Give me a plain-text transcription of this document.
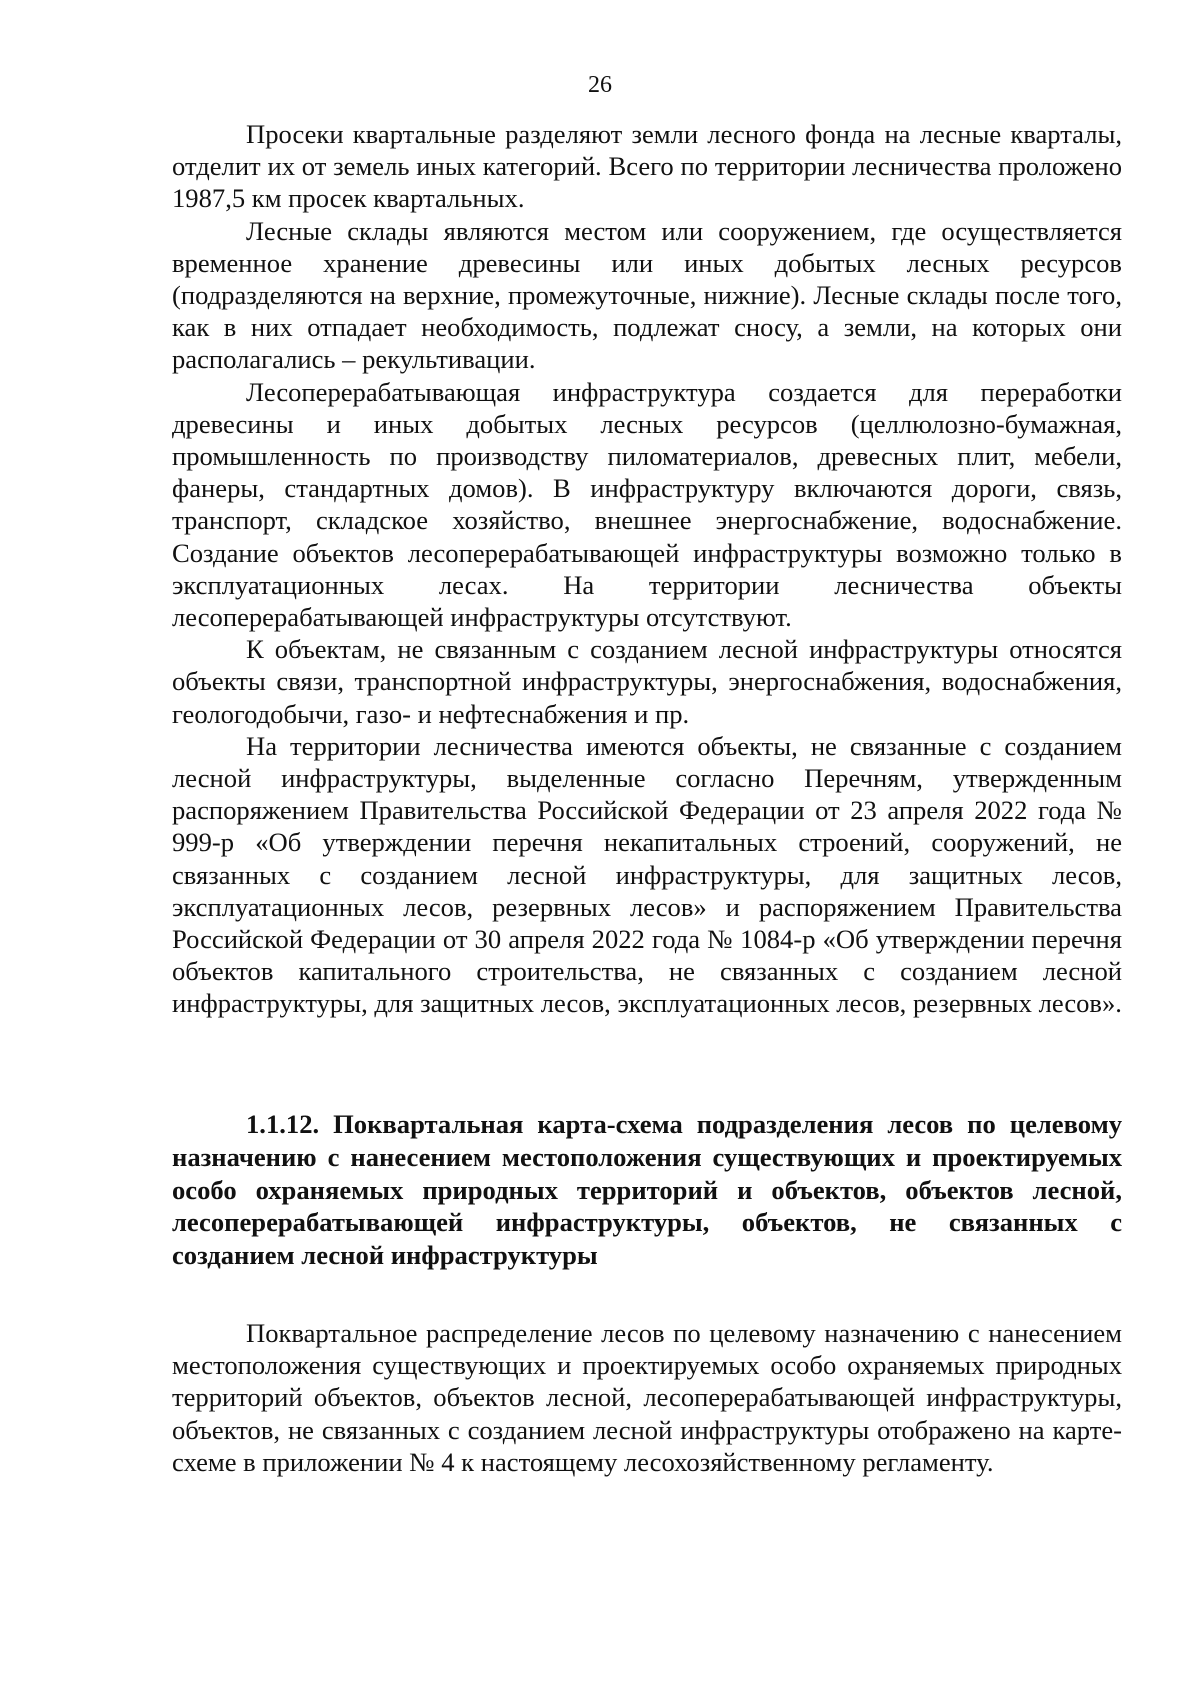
26

Просеки квартальные разделяют земли лесного фонда на лесные кварталы, отделит их от земель иных категорий. Всего по территории лесничества проложено 1987,5 км просек квартальных.

Лесные склады являются местом или сооружением, где осуществляется временное хранение древесины или иных добытых лесных ресурсов (подразделяются на верхние, промежуточные, нижние). Лесные склады после того, как в них отпадает необходимость, подлежат сносу, а земли, на которых они располагались – рекультивации.

Лесоперерабатывающая инфраструктура создается для переработки древесины и иных добытых лесных ресурсов (целлюлозно-бумажная, промышленность по производству пиломатериалов, древесных плит, мебели, фанеры, стандартных домов). В инфраструктуру включаются дороги, связь, транспорт, складское хозяйство, внешнее энергоснабжение, водоснабжение. Создание объектов лесоперерабатывающей инфраструктуры возможно только в эксплуатационных лесах. На территории лесничества объекты лесоперерабатывающей инфраструктуры отсутствуют.

К объектам, не связанным с созданием лесной инфраструктуры относятся объекты связи, транспортной инфраструктуры, энергоснабжения, водоснабжения, геологодобычи, газо- и нефтеснабжения и пр.

На территории лесничества имеются объекты, не связанные с созданием лесной инфраструктуры, выделенные согласно Перечням, утвержденным распоряжением Правительства Российской Федерации от 23 апреля 2022 года № 999-р «Об утверждении перечня некапитальных строений, сооружений, не связанных с созданием лесной инфраструктуры, для защитных лесов, эксплуатационных лесов, резервных лесов» и распоряжением Правительства Российской Федерации от 30 апреля 2022 года № 1084-р «Об утверждении перечня объектов капитального строительства, не связанных с созданием лесной инфраструктуры, для защитных лесов, эксплуатационных лесов, резервных лесов».

1.1.12. Поквартальная карта-схема подразделения лесов по целевому назначению с нанесением местоположения существующих и проектируемых особо охраняемых природных территорий и объектов, объектов лесной, лесоперерабатывающей инфраструктуры, объектов, не связанных с созданием лесной инфраструктуры

Поквартальное распределение лесов по целевому назначению с нанесением местоположения существующих и проектируемых особо охраняемых природных территорий объектов, объектов лесной, лесоперерабатывающей инфраструктуры, объектов, не связанных с созданием лесной инфраструктуры отображено на карте-схеме в приложении № 4 к настоящему лесохозяйственному регламенту.
